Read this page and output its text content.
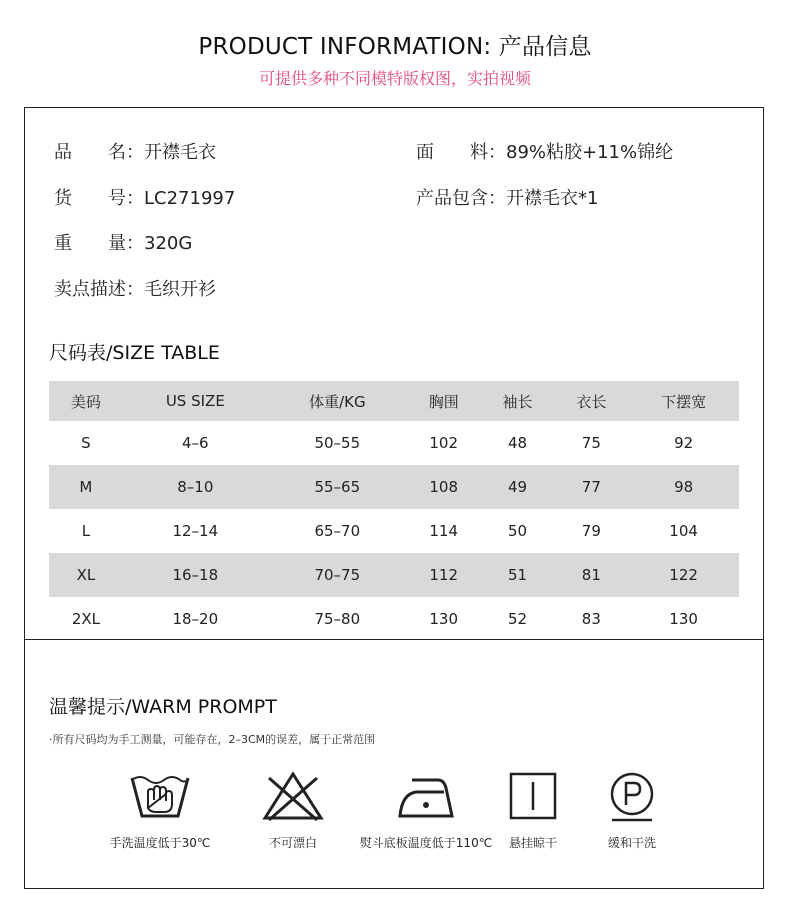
PRODUCT INFORMATION: 产品信息
可提供多种不同模特版权图，实拍视频
品　　名：开襟毛衣	面　　料：89%粘胶+11%锦纶
货　　号：LC271997	产品包含：开襟毛衣*1
重　　量：320G
卖点描述：毛织开衫
尺码表/SIZE TABLE
美码	US SIZE	体重/KG	胸围	袖长	衣长	下摆宽
S	4–6	50–55	102	48	75	92
M	8–10	55–65	108	49	77	98
L	12–14	65–70	114	50	79	104
XL	16–18	70–75	112	51	81	122
2XL	18–20	75–80	130	52	83	130
温馨提示/WARM PROMPT
·所有尺码均为手工测量，可能存在，2–3CM的误差，属于正常范围
手洗温度低于30℃	不可漂白	熨斗底板温度低于110℃	悬挂晾干	缓和干洗
